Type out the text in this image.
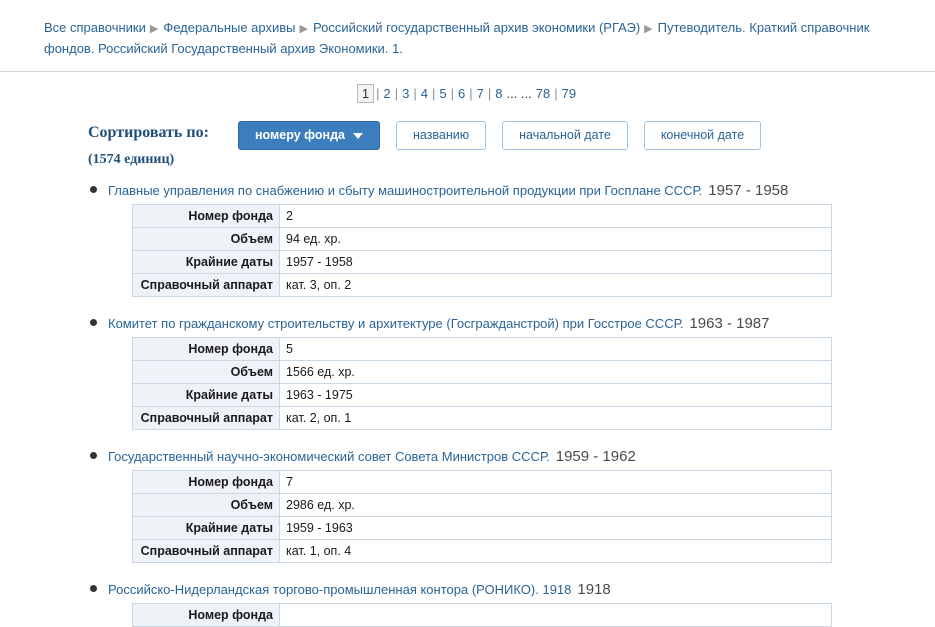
Все справочники ▶ Федеральные архивы ▶ Российский государственный архив экономики (РГАЭ) ▶ Путеводитель. Краткий справочник фондов. Российский Государственный архив Экономики. 1.
1 | 2 | 3 | 4 | 5 | 6 | 7 | 8 ... ... 78 | 79
Сортировать по:
(1574 единиц)
номеру фонда	названию	начальной дате	конечной дате
Главные управления по снабжению и сбыту машиностроительной продукции при Госплане СССР. 1957 - 1958
Номер фонда	2
Объем	94 ед. хр.
Крайние даты	1957 - 1958
Справочный аппарат	кат. 3, оп. 2
Комитет по гражданскому строительству и архитектуре (Госгражданстрой) при Госстрое СССР. 1963 - 1987
Номер фонда	5
Объем	1566 ед. хр.
Крайние даты	1963 - 1975
Справочный аппарат	кат. 2, оп. 1
Государственный научно-экономический совет Совета Министров СССР. 1959 - 1962
Номер фонда	7
Объем	2986 ед. хр.
Крайние даты	1959 - 1963
Справочный аппарат	кат. 1, оп. 4
Российско-Нидерландская торгово-промышленная контора (РОНИКО). 1918 1918
Номер фонда	
